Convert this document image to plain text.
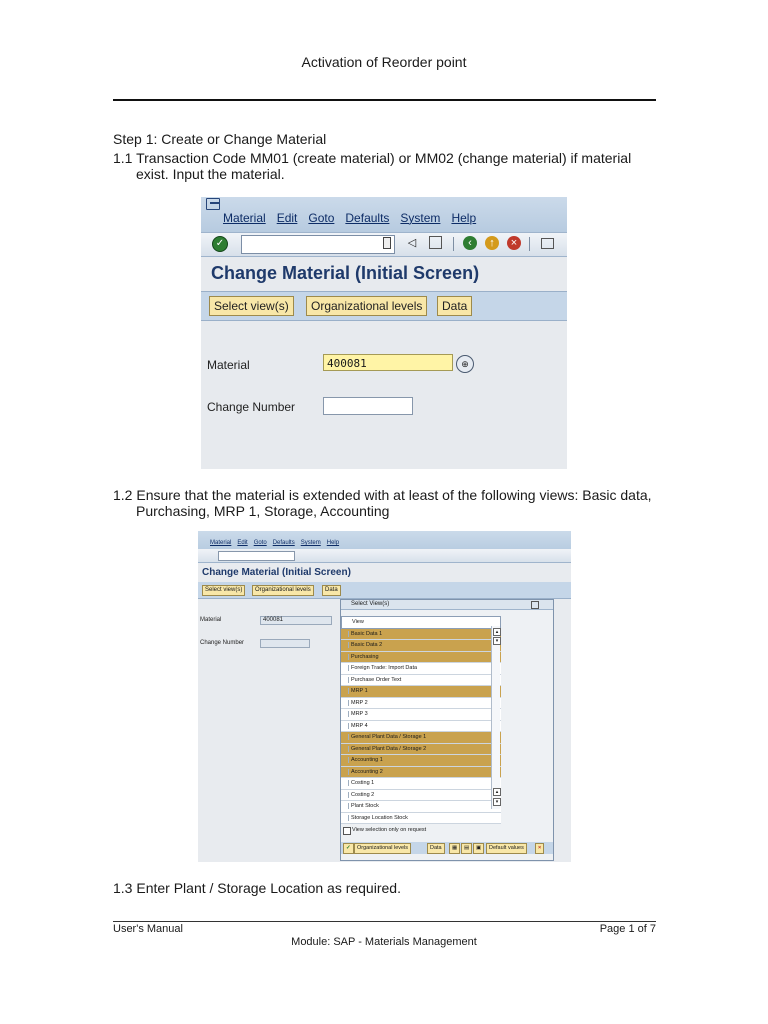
Activation of Reorder point
Step 1: Create or Change Material
1.1 Transaction Code MM01 (create material) or MM02 (change material) if material
exist. Input the material.
Material Edit Goto Defaults System Help
✓	◁	‹	↑	×
Change Material (Initial Screen)
Select view(s)	Organizational levels	Data
Material	400081	⊕
Change Number
1.2 Ensure that the material is extended with at least of the following views: Basic data,
Purchasing, MRP 1, Storage, Accounting
Material Edit Goto Defaults System Help
Change Material (Initial Screen)
Select view(s)	Organizational levels	Data
Material	400081
Change Number
Select View(s)
View
Basic Data 1
Basic Data 2
Purchasing
Foreign Trade: Import Data
Purchase Order Text
MRP 1
MRP 2
MRP 3
MRP 4
General Plant Data / Storage 1
General Plant Data / Storage 2
Accounting 1
Accounting 2
Costing 1
Costing 2
Plant Stock
Storage Location Stock
▴
▾
▴
▾
View selection only on request
✓	Organizational levels	Data	▦	▤	▣	Default values	×
1.3 Enter Plant / Storage Location as required.
User's Manual	Page 1 of 7
Module: SAP - Materials Management
